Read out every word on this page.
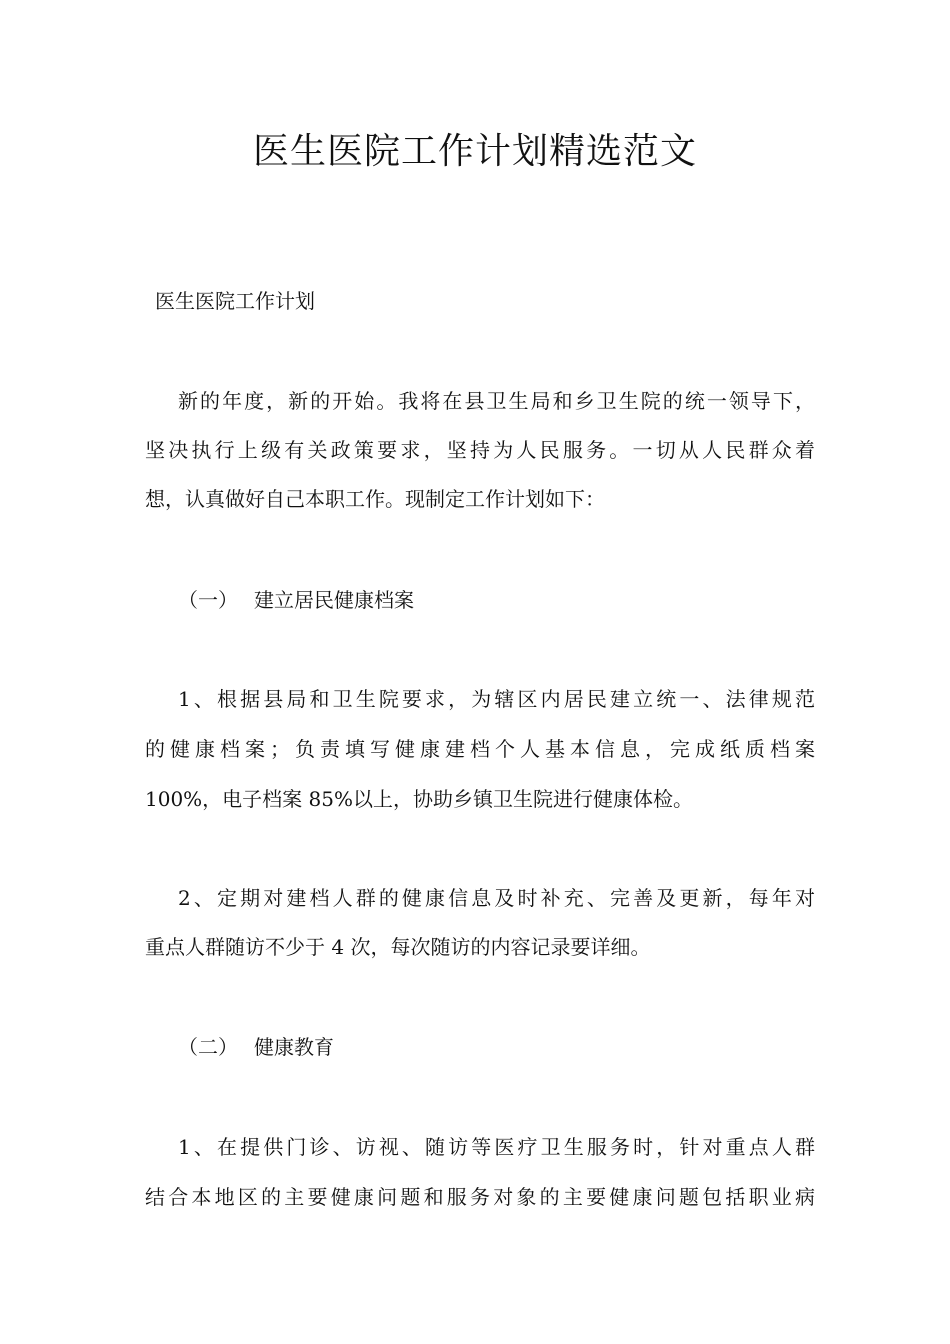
医生医院工作计划精选范文
医生医院工作计划
新的年度，新的开始。我将在县卫生局和乡卫生院的统一领导下，
坚决执行上级有关政策要求，坚持为人民服务。一切从人民群众着
想，认真做好自己本职工作。现制定工作计划如下：
（一） 建立居民健康档案
1、根据县局和卫生院要求，为辖区内居民建立统一、法律规范
的健康档案；负责填写健康建档个人基本信息，完成纸质档案
100%，电子档案 85%以上，协助乡镇卫生院进行健康体检。
2、定期对建档人群的健康信息及时补充、完善及更新，每年对
重点人群随访不少于 4 次，每次随访的内容记录要详细。
（二） 健康教育
1、在提供门诊、访视、随访等医疗卫生服务时，针对重点人群
结合本地区的主要健康问题和服务对象的主要健康问题包括职业病
